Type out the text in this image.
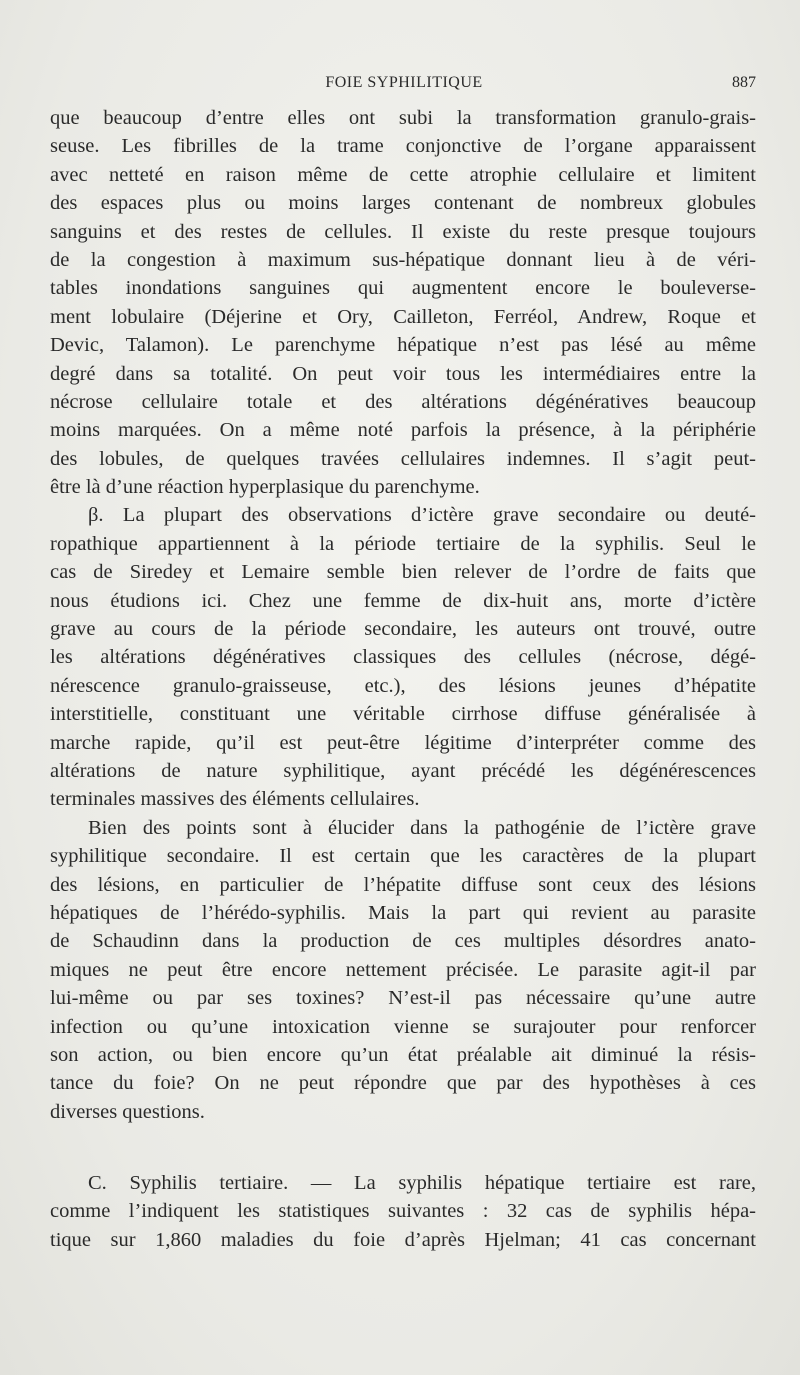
FOIE SYPHILITIQUE	887
que beaucoup d’entre elles ont subi la transformation granulo-grais-
seuse. Les fibrilles de la trame conjonctive de l’organe apparaissent
avec netteté en raison même de cette atrophie cellulaire et limitent
des espaces plus ou moins larges contenant de nombreux globules
sanguins et des restes de cellules. Il existe du reste presque toujours
de la congestion à maximum sus-hépatique donnant lieu à de véri-
tables inondations sanguines qui augmentent encore le bouleverse-
ment lobulaire (Déjerine et Ory, Cailleton, Ferréol, Andrew, Roque et
Devic, Talamon). Le parenchyme hépatique n’est pas lésé au même
degré dans sa totalité. On peut voir tous les intermédiaires entre la
nécrose cellulaire totale et des altérations dégénératives beaucoup
moins marquées. On a même noté parfois la présence, à la périphérie
des lobules, de quelques travées cellulaires indemnes. Il s’agit peut-
être là d’une réaction hyperplasique du parenchyme.
β. La plupart des observations d’ictère grave secondaire ou deuté-
ropathique appartiennent à la période tertiaire de la syphilis. Seul le
cas de Siredey et Lemaire semble bien relever de l’ordre de faits que
nous étudions ici. Chez une femme de dix-huit ans, morte d’ictère
grave au cours de la période secondaire, les auteurs ont trouvé, outre
les altérations dégénératives classiques des cellules (nécrose, dégé-
nérescence granulo-graisseuse, etc.), des lésions jeunes d’hépatite
interstitielle, constituant une véritable cirrhose diffuse généralisée à
marche rapide, qu’il est peut-être légitime d’interpréter comme des
altérations de nature syphilitique, ayant précédé les dégénérescences
terminales massives des éléments cellulaires.
Bien des points sont à élucider dans la pathogénie de l’ictère grave
syphilitique secondaire. Il est certain que les caractères de la plupart
des lésions, en particulier de l’hépatite diffuse sont ceux des lésions
hépatiques de l’hérédo-syphilis. Mais la part qui revient au parasite
de Schaudinn dans la production de ces multiples désordres anato-
miques ne peut être encore nettement précisée. Le parasite agit-il par
lui-même ou par ses toxines? N’est-il pas nécessaire qu’une autre
infection ou qu’une intoxication vienne se surajouter pour renforcer
son action, ou bien encore qu’un état préalable ait diminué la résis-
tance du foie? On ne peut répondre que par des hypothèses à ces
diverses questions.
C. Syphilis tertiaire. — La syphilis hépatique tertiaire est rare,
comme l’indiquent les statistiques suivantes : 32 cas de syphilis hépa-
tique sur 1,860 maladies du foie d’après Hjelman; 41 cas concernant
